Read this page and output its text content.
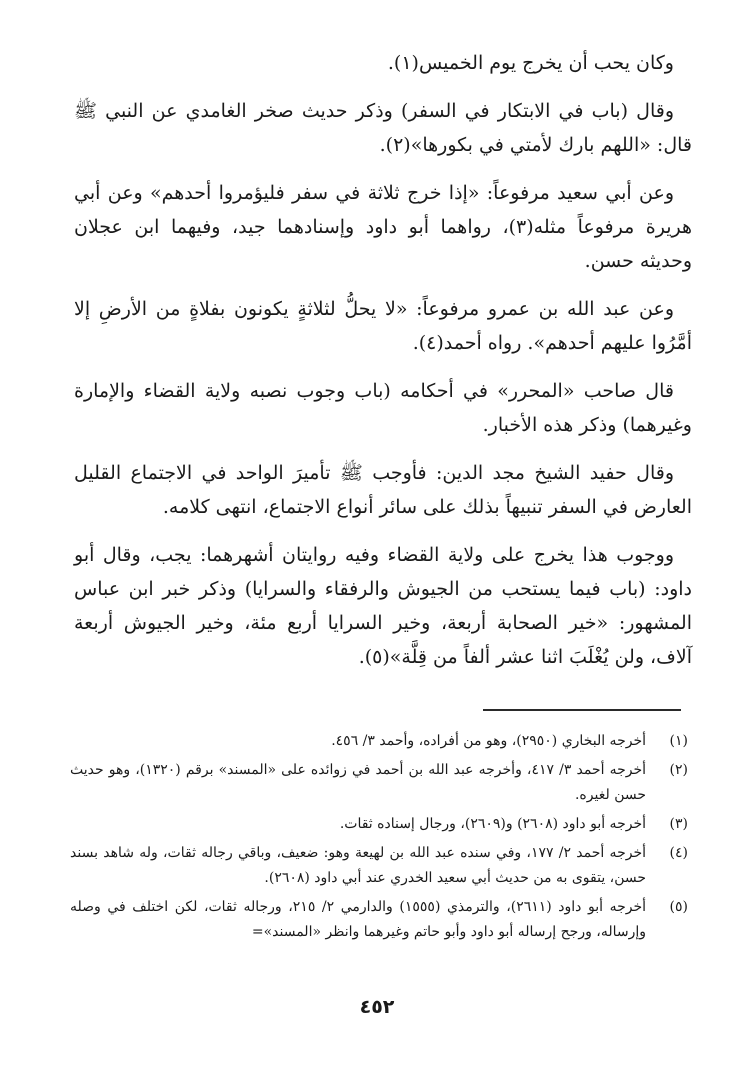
وكان يحب أن يخرج يوم الخميس(١).

وقال (باب في الابتكار في السفر) وذكر حديث صخر الغامدي عن النبي ﷺ قال: «اللهم بارك لأمتي في بكورها»(٢).

وعن أبي سعيد مرفوعاً: «إذا خرج ثلاثة في سفر فليؤمروا أحدهم» وعن أبي هريرة مرفوعاً مثله(٣)، رواهما أبو داود وإسنادهما جيد، وفيهما ابن عجلان وحديثه حسن.

وعن عبد الله بن عمرو مرفوعاً: «لا يحلُّ لثلاثةٍ يكونون بفلاةٍ من الأرضِ إلا أمَّرُوا عليهم أحدهم». رواه أحمد(٤).

قال صاحب «المحرر» في أحكامه (باب وجوب نصبه ولاية القضاء والإمارة وغيرهما) وذكر هذه الأخبار.

وقال حفيد الشيخ مجد الدين: فأوجب ﷺ تأميرَ الواحد في الاجتماع القليل العارض في السفر تنبيهاً بذلك على سائر أنواع الاجتماع، انتهى كلامه.

ووجوب هذا يخرج على ولاية القضاء وفيه روايتان أشهرهما: يجب، وقال أبو داود: (باب فيما يستحب من الجيوش والرفقاء والسرايا) وذكر خبر ابن عباس المشهور: «خير الصحابة أربعة، وخير السرايا أربع مئة، وخير الجيوش أربعة آلاف، ولن يُغْلَبَ اثنا عشر ألفاً من قِلَّة»(٥).

(١)
أخرجه البخاري (٢٩٥٠)، وهو من أفراده، وأحمد ٣/ ٤٥٦.
(٢)
أخرجه أحمد ٣/ ٤١٧، وأخرجه عبد الله بن أحمد في زوائده على «المسند» برقم (١٣٢٠)، وهو حديث حسن لغيره.
(٣)
أخرجه أبو داود (٢٦٠٨) و(٢٦٠٩)، ورجال إسناده ثقات.
(٤)
أخرجه أحمد ٢/ ١٧٧، وفي سنده عبد الله بن لهيعة وهو: ضعيف، وباقي رجاله ثقات، وله شاهد بسند حسن، يتقوى به من حديث أبي سعيد الخدري عند أبي داود (٢٦٠٨).
(٥)
أخرجه أبو داود (٢٦١١)، والترمذي (١٥٥٥) والدارمي ٢/ ٢١٥، ورجاله ثقات، لكن اختلف في وصله وإرساله، ورجح إرساله أبو داود وأبو حاتم وغيرهما وانظر «المسند»=
٤٥٢
